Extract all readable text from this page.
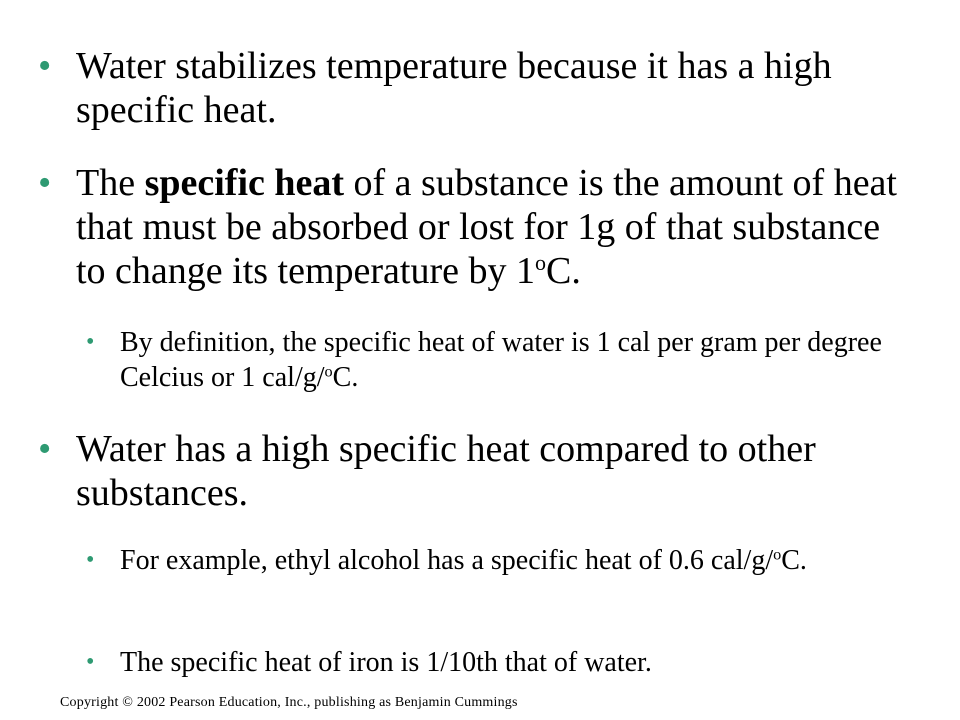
• Water stabilizes temperature because it has a high specific heat.
• The specific heat of a substance is the amount of heat that must be absorbed or lost for 1g of that substance to change its temperature by 1$^o$C.
• By definition, the specific heat of water is 1 cal per gram per degree Celcius or 1 cal/g/$^o$C.
• Water has a high specific heat compared to other substances.
• For example, ethyl alcohol has a specific heat of 0.6 cal/g/$^o$C.
• The specific heat of iron is 1/10th that of water.
Copyright © 2002 Pearson Education, Inc., publishing as Benjamin Cummings
